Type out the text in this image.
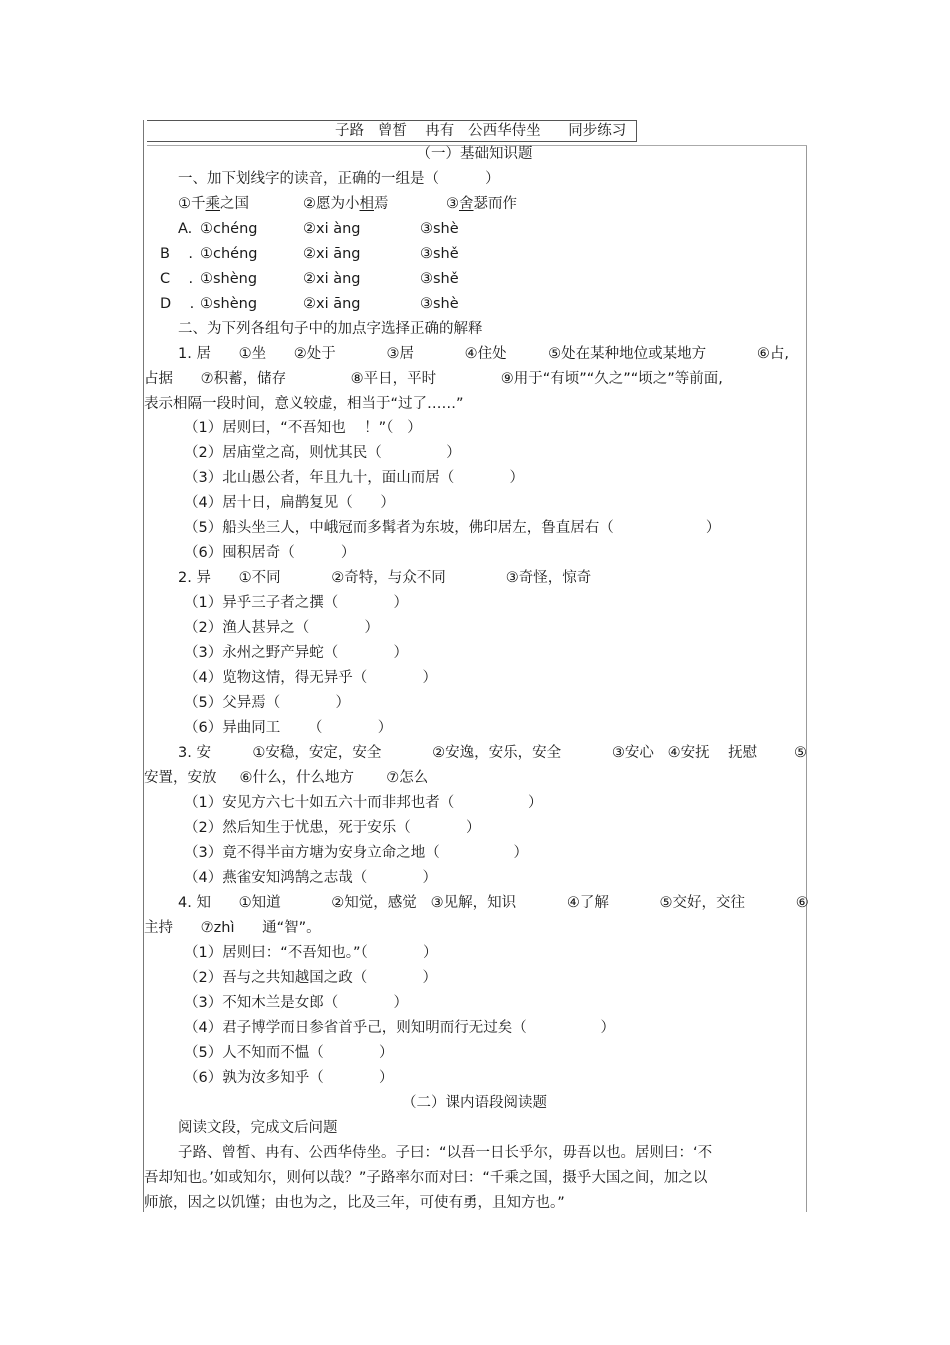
子路   曾皙    冉有   公西华侍坐      同步练习
（一）基础知识题
一、加下划线字的读音，正确的一组是（          ）
①千乘之国	②愿为小相焉	③舍瑟而作
A. ①chéng	②xi àng	③shè
B    . ①chéng	②xi āng	③shě
C    . ①shèng	②xi àng	③shě
D    . ①shèng	②xi āng	③shè
二、为下列各组句子中的加点字选择正确的解释
1. 居      ①坐      ②处于           ③居           ④住处         ⑤处在某种地位或某地方           ⑥占,
占据      ⑦积蓄，储存              ⑧平日，平时              ⑨用于“有顷”“久之”“顷之”等前面,
表示相隔一段时间，意义较虚，相当于“过了……”
（1）居则曰，“不吾知也    ！”（   ）
（2）居庙堂之高，则忧其民（              ）
（3）北山愚公者，年且九十，面山而居（            ）
（4）居十日，扁鹊复见（      ）
（5）船头坐三人，中峨冠而多髯者为东坡，佛印居左，鲁直居右（                    ）
（6）囤积居奇（          ）
2. 异      ①不同           ②奇特，与众不同             ③奇怪，惊奇
（1）异乎三子者之撰（            ）
（2）渔人甚异之（            ）
（3）永州之野产异蛇（            ）
（4）览物这情，得无异乎（            ）
（5）父异焉（            ）
（6）异曲同工      （            ）
3. 安         ①安稳，安定，安全           ②安逸，安乐，安全           ③安心   ④安抚    抚慰        ⑤
安置，安放     ⑥什么，什么地方       ⑦怎么
（1）安见方六七十如五六十而非邦也者（                ）
（2）然后知生于忧患，死于安乐（            ）
（3）竟不得半亩方塘为安身立命之地（                ）
（4）燕雀安知鸿鹄之志哉（            ）
4. 知      ①知道           ②知觉，感觉   ③见解，知识           ④了解           ⑤交好，交往           ⑥
主持      ⑦zhì      通“智”。
（1）居则曰：“不吾知也。”（            ）
（2）吾与之共知越国之政（            ）
（3）不知木兰是女郎（            ）
（4）君子博学而日参省首乎己，则知明而行无过矣（                ）
（5）人不知而不愠（            ）
（6）孰为汝多知乎（            ）
（二）课内语段阅读题
阅读文段，完成文后问题
子路、曾皙、冉有、公西华侍坐。子曰：“以吾一日长乎尔，毋吾以也。居则曰：‘不
吾却知也。’如或知尔，则何以哉？”子路率尔而对曰：“千乘之国，摄乎大国之间，加之以
师旅，因之以饥馑；由也为之，比及三年，可使有勇，且知方也。”
